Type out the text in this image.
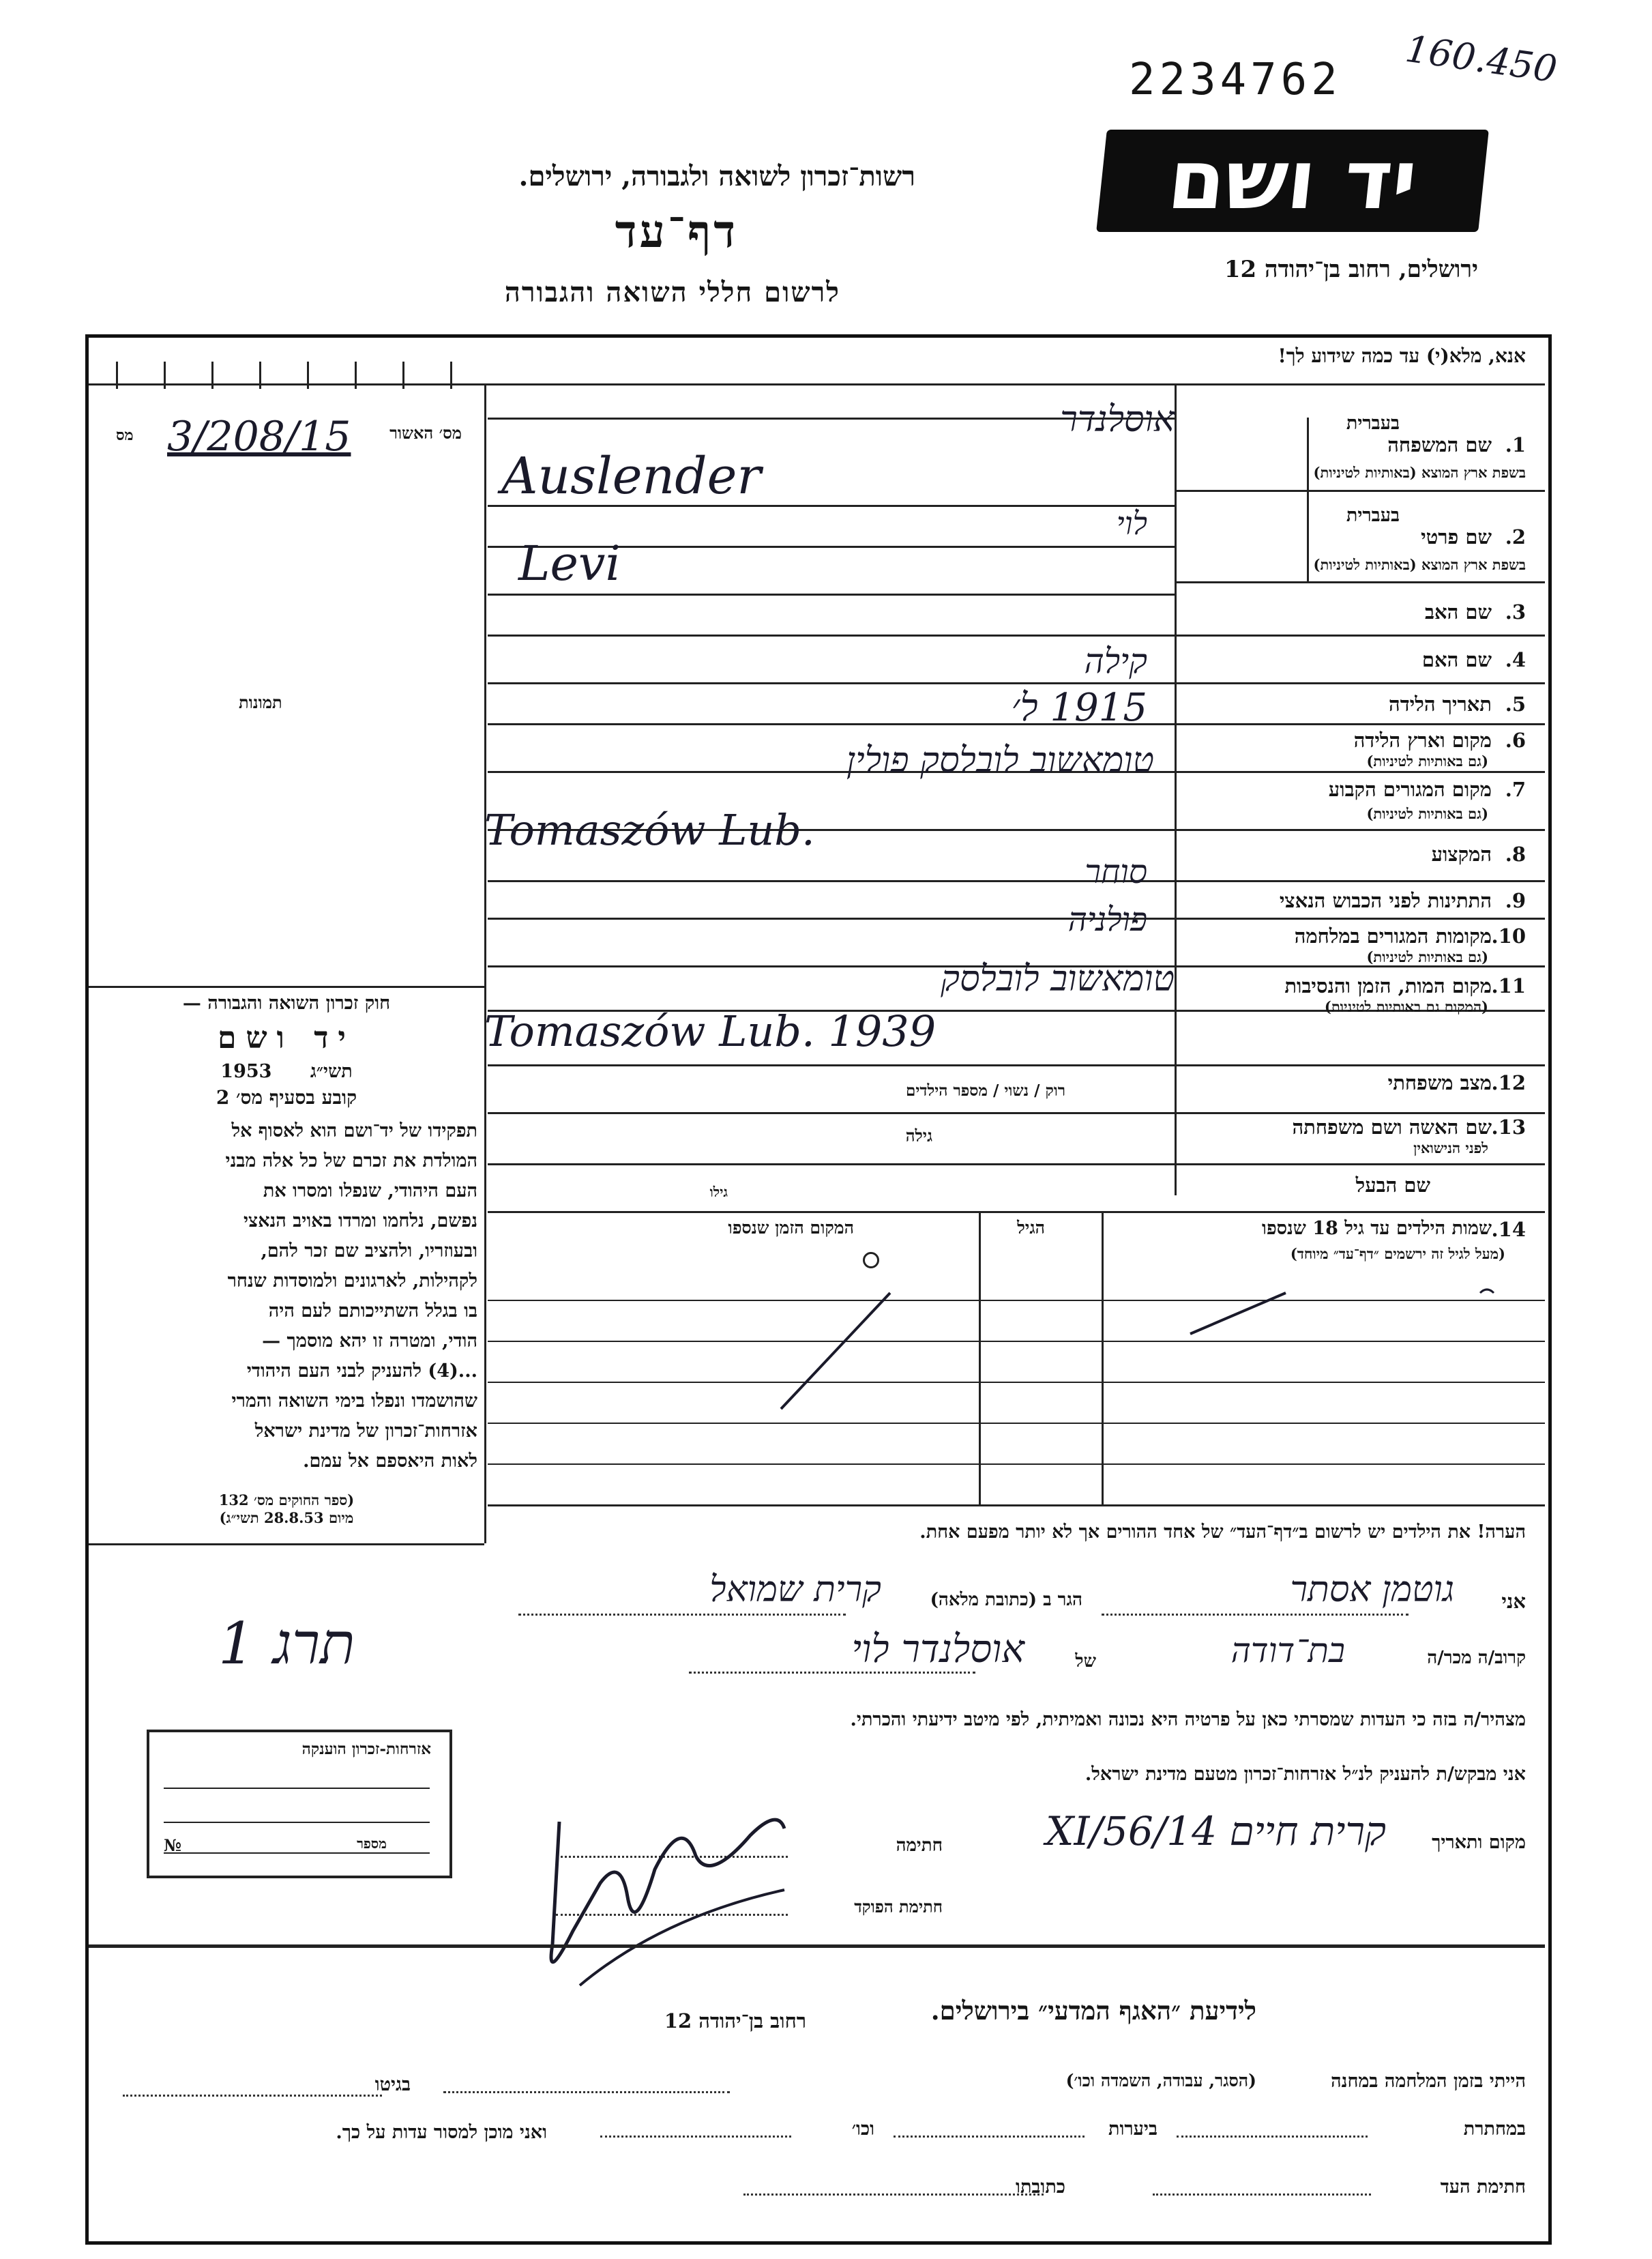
2234762 160.450
יד ושם
ירושלים, רחוב בן־יהודה 12
רשות־זכרון לשואה ולגבורה, ירושלים.
דף־עד
לרשום חללי השואה והגבורה
אנא, מלא(י) עד כמה שידוע לך!
מס׳ האשור
3/208/15
מס
תמונות
חוק זכרון השואה והגבורה —
יד ושם
תשי״ג      1953
קובע בסעיף מס׳ 2
תפקידו של יד־ושם הוא לאסוף אל
המולדת את זכרם של כל אלה מבני
העם היהודי, שנפלו ומסרו את
נפשם, נלחמו ומרדו באויב הנאצי
ובעוזריו, ולהציב שם זכר להם,
לקהילות, לארגונים ולמוסדות שנחר
בו בגלל השתייכותם לעם היה
הודי, ומטרה זו יהא מוסמך —
...(4) להעניק לבני העם היהודי
שהושמדו ונפלו בימי השואה והמרי
אזרחות־זכרון של מדינת ישראל
לאות היאספם אל עמם.
(ספר החוקים מס׳ 132
מיום 28.8.53 תשי״ג)
1.
שם המשפחה
בעברית
בשפת ארץ המוצא (באותיות לטיניות)
2.
שם פרטי
בעברית
בשפת ארץ המוצא (באותיות לטיניות)
3.
שם האב
4.
שם האם
5.
תאריך הלידה
6.
מקום וארץ הלידה
(גם באותיות לטיניות)
7.
מקום המגורים הקבוע
(גם באותיות לטיניות)
8.
המקצוע
9.
התתינות לפני הכבוש הנאצי
10.
מקומות המגורים במלחמה
(גם באותיות לטיניות)
11.
מקום המות, הזמן והנסיבות
(המקום גם באותיות לטיניות)
12.
מצב משפחתי
13.
שם האשה ושם משפחתה
לפני הנישואין
שם הבעל
רוק / נשוי / מספר הילדים
גילה
גילו
אוסלנדר
Auslender
לוי
Levi
קילה
1915 ל׳
טומאשוב לובלסק פולין
Tomaszów Lub.
סוחר
פולניה
טומאשוב לובלסק
Tomaszów Lub. 1939
14.
שמות הילדים עד גיל 18 שנספו
(מעל לגיל זה ירשמים ״דף־עד״ מיוחד)
הגיל
המקום הזמן שנספו
הערה! את הילדים יש לרשום ב״דף־העד״ של אחד ההורים אך לא יותר מפעם אחת.
אני
גוטמן אסתר
הגר ב (כתובת מלאה)
קרית שמואל
קרוב/ה מכר/ה
בת־דודה
של
אוסלנדר לוי
מצהיר/ה בזה כי העדות שמסרתי כאן על פרטיה היא נכונה ואמיתית, לפי מיטב ידיעתי והכרתי.
אני מבקש/ת להעניק לנ״ל אזרחות־זכרון מטעם מדינת ישראל.
מקום ותאריך
קרית חיים 14/XI/56
חתימה
חתימת הפוקד
תרג 1
אזרחות-זכרון הוענקה
מספר
№
לידיעת ״האגף המדעי״ בירושלים.
רחוב בן־יהודה 12
הייתי בזמן המלחמה במחנה
(הסגר, עבודה, השמדה וכו׳)
בגיטו
במחתרת
ביערות
וכו׳
ואני מוכן למסור עדות על כך.
חתימת העד
כתובתו
